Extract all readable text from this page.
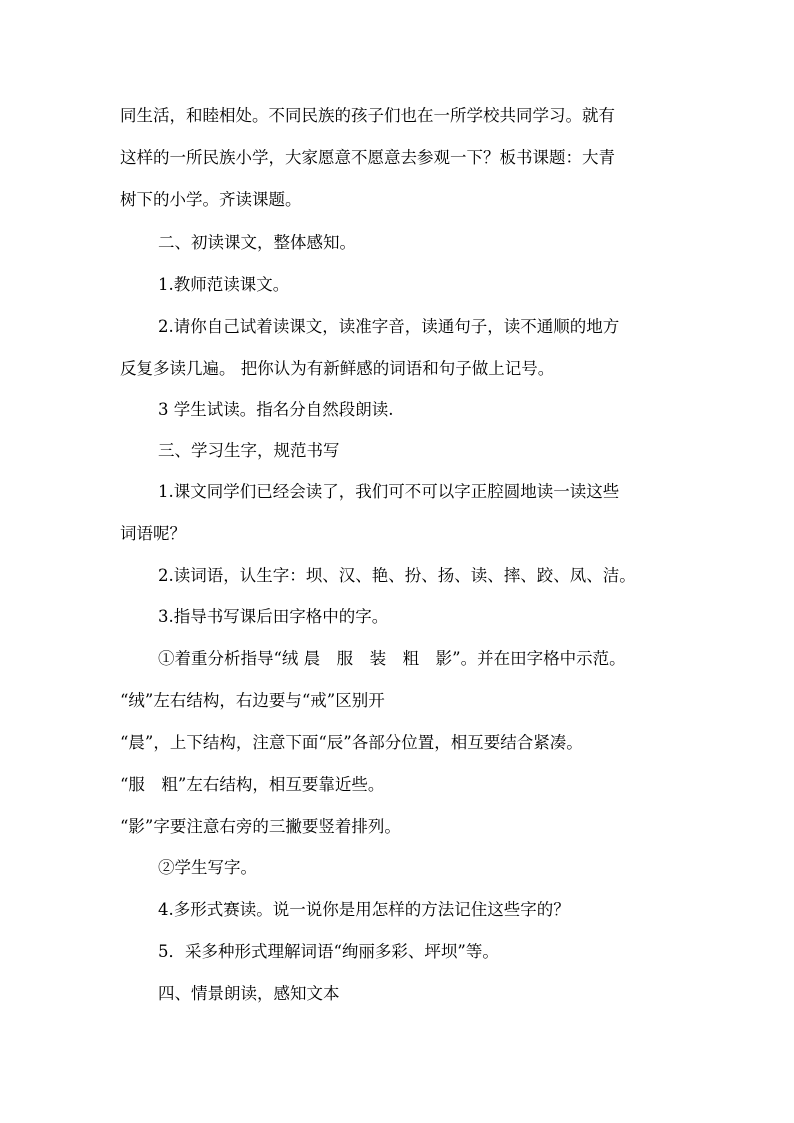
同生活，和睦相处。不同民族的孩子们也在一所学校共同学习。就有
这样的一所民族小学，大家愿意不愿意去参观一下？板书课题：大青
树下的小学。齐读课题。
二、初读课文，整体感知。
1.教师范读课文。
2.请你自己试着读课文，读准字音，读通句子，读不通顺的地方
反复多读几遍。 把你认为有新鲜感的词语和句子做上记号。
3 学生试读。指名分自然段朗读.
三、学习生字，规范书写
1.课文同学们已经会读了，我们可不可以字正腔圆地读一读这些
词语呢？
2.读词语，认生字：坝、汉、艳、扮、扬、读、摔、跤、凤、洁。
3.指导书写课后田字格中的字。
①着重分析指导“绒 晨　服　装　粗　影”。并在田字格中示范。
“绒”左右结构，右边要与“戒”区别开
“晨”，上下结构，注意下面“辰”各部分位置，相互要结合紧凑。
“服　粗”左右结构，相互要靠近些。
“影”字要注意右旁的三撇要竖着排列。
②学生写字。
4.多形式赛读。说一说你是用怎样的方法记住这些字的？
5．采多种形式理解词语“绚丽多彩、坪坝”等。
四、情景朗读，感知文本
